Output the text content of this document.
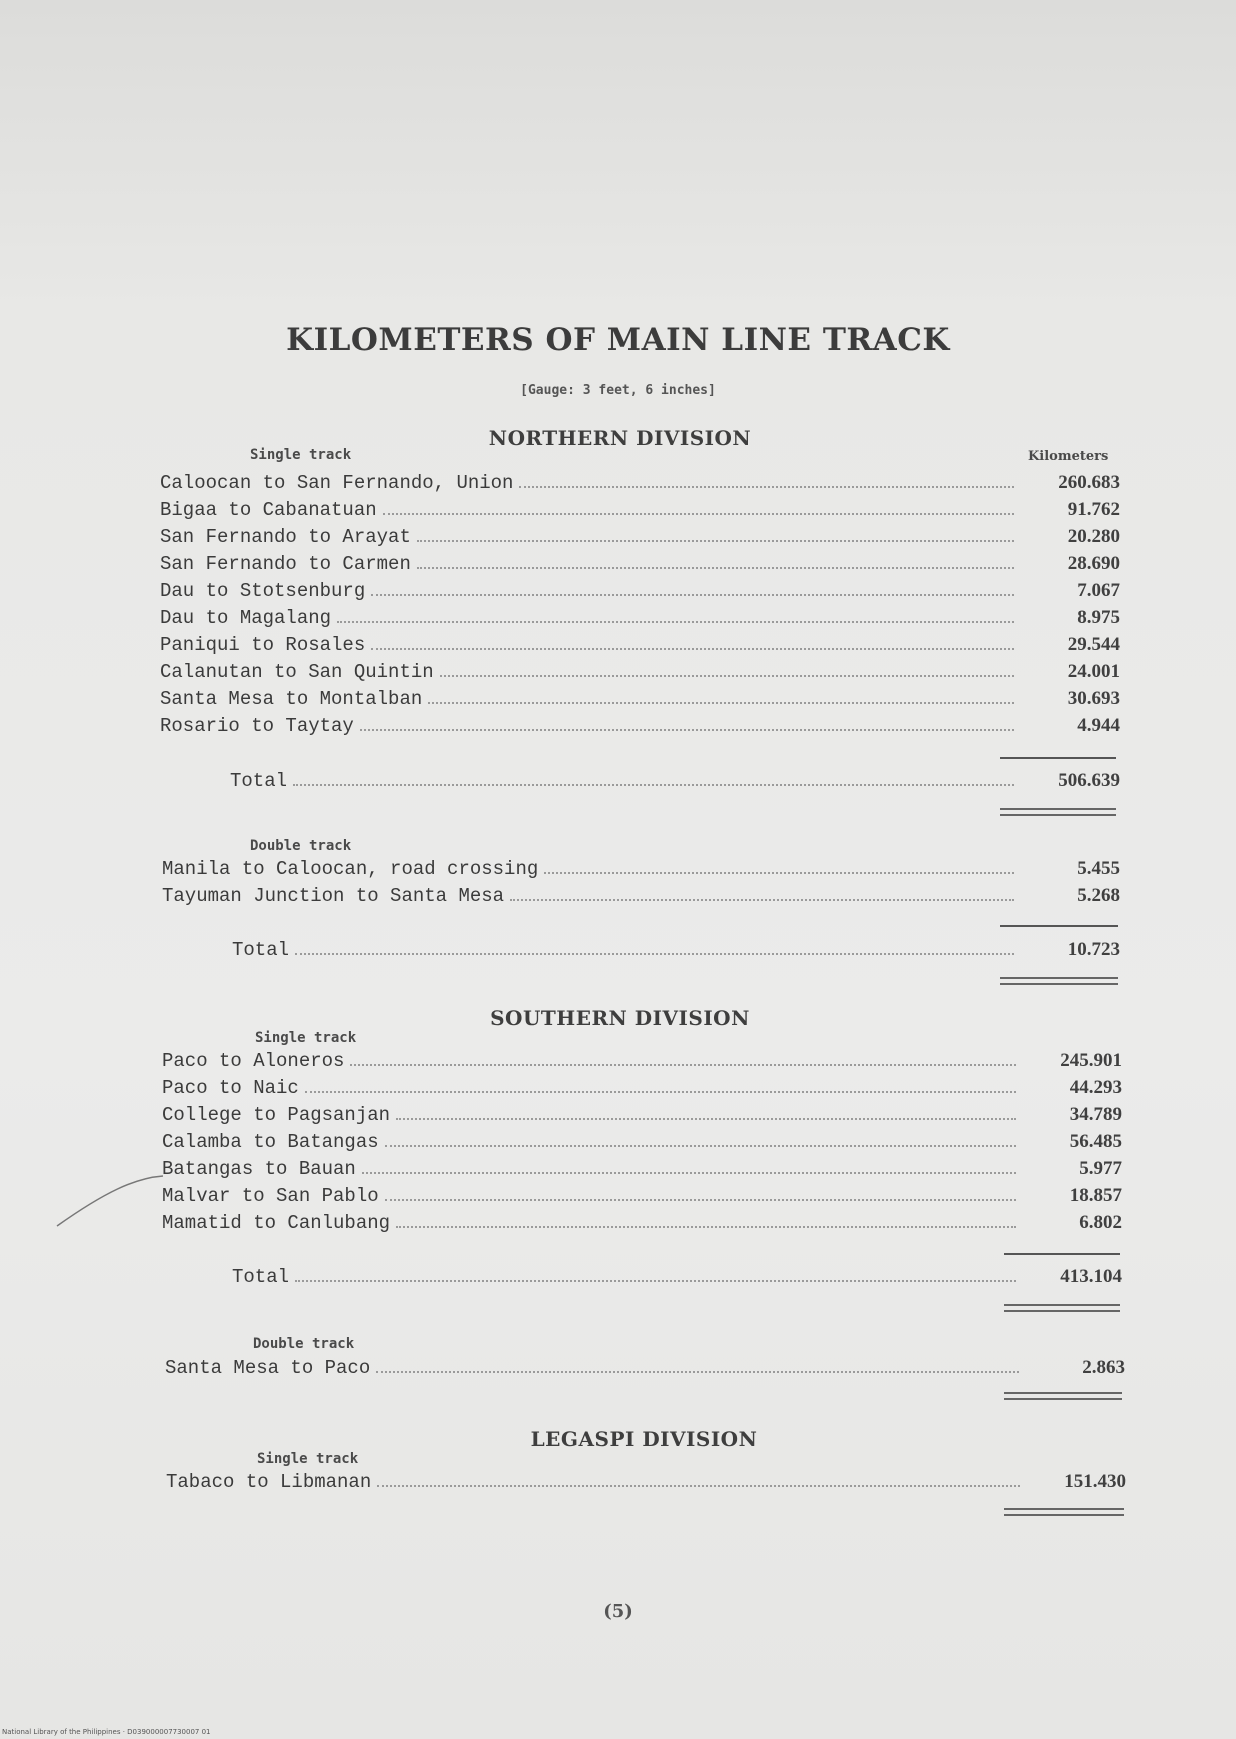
KILOMETERS OF MAIN LINE TRACK
[Gauge: 3 feet, 6 inches]
NORTHERN DIVISION
Single track	Kilometers
Caloocan to San Fernando, Union	260.683
Bigaa to Cabanatuan	91.762
San Fernando to Arayat	20.280
San Fernando to Carmen	28.690
Dau to Stotsenburg	7.067
Dau to Magalang	8.975
Paniqui to Rosales	29.544
Calanutan to San Quintin	24.001
Santa Mesa to Montalban	30.693
Rosario to Taytay	4.944
Total	506.639
Double track
Manila to Caloocan, road crossing	5.455
Tayuman Junction to Santa Mesa	5.268
Total	10.723
SOUTHERN DIVISION
Single track
Paco to Aloneros	245.901
Paco to Naic	44.293
College to Pagsanjan	34.789
Calamba to Batangas	56.485
Batangas to Bauan	5.977
Malvar to San Pablo	18.857
Mamatid to Canlubang	6.802
Total	413.104
Double track
Santa Mesa to Paco	2.863
LEGASPI DIVISION
Single track
Tabaco to Libmanan	151.430
(5)
National Library of the Philippines · D039000007730007 01
